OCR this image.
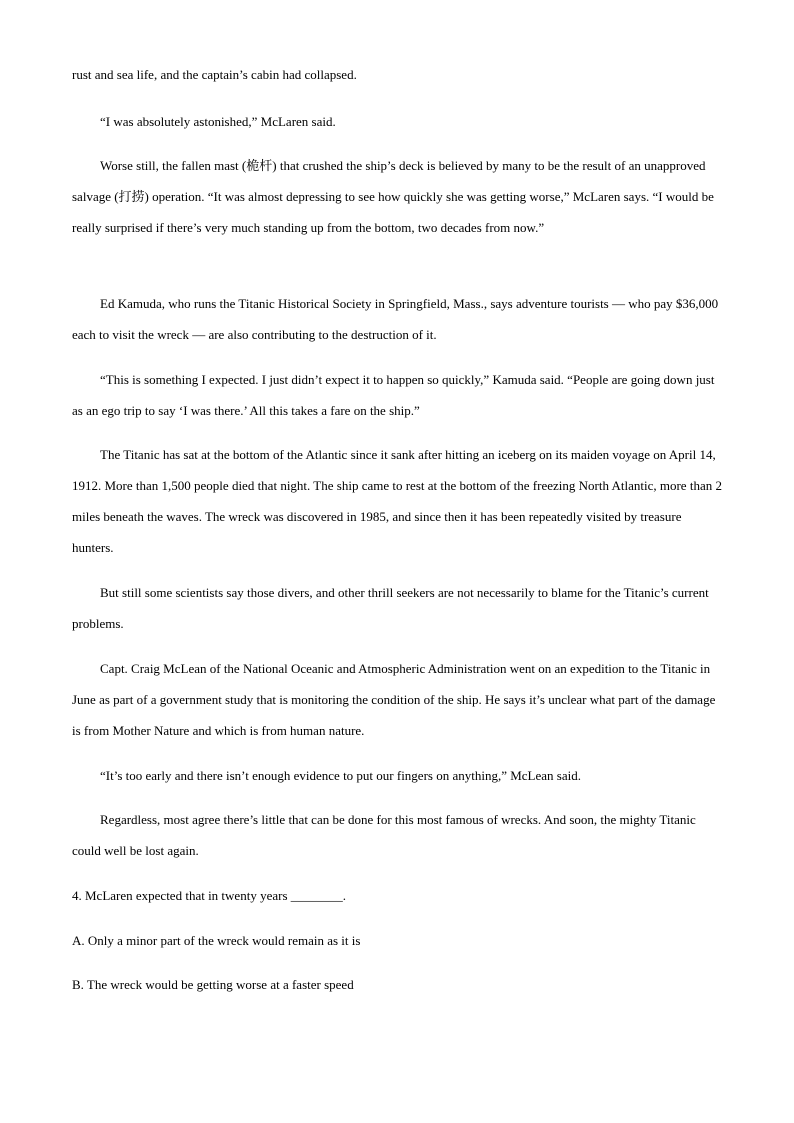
rust and sea life, and the captain’s cabin had collapsed.

“I was absolutely astonished,” McLaren said.

Worse still, the fallen mast (桅杆) that crushed the ship’s deck is believed by many to be the result of an unapproved salvage (打捞) operation. “It was almost depressing to see how quickly she was getting worse,” McLaren says. “I would be really surprised if there’s very much standing up from the bottom, two decades from now.”

Ed Kamuda, who runs the Titanic Historical Society in Springfield, Mass., says adventure tourists — who pay $36,000 each to visit the wreck — are also contributing to the destruction of it.

“This is something I expected. I just didn’t expect it to happen so quickly,” Kamuda said. “People are going down just as an ego trip to say ‘I was there.’ All this takes a fare on the ship.”

The Titanic has sat at the bottom of the Atlantic since it sank after hitting an iceberg on its maiden voyage on April 14, 1912. More than 1,500 people died that night. The ship came to rest at the bottom of the freezing North Atlantic, more than 2 miles beneath the waves. The wreck was discovered in 1985, and since then it has been repeatedly visited by treasure hunters.

But still some scientists say those divers, and other thrill seekers are not necessarily to blame for the Titanic’s current problems.

Capt. Craig McLean of the National Oceanic and Atmospheric Administration went on an expedition to the Titanic in June as part of a government study that is monitoring the condition of the ship. He says it’s unclear what part of the damage is from Mother Nature and which is from human nature.

“It’s too early and there isn’t enough evidence to put our fingers on anything,” McLean said.

Regardless, most agree there’s little that can be done for this most famous of wrecks. And soon, the mighty Titanic could well be lost again.

4. McLaren expected that in twenty years ________.

A. Only a minor part of the wreck would remain as it is

B. The wreck would be getting worse at a faster speed
